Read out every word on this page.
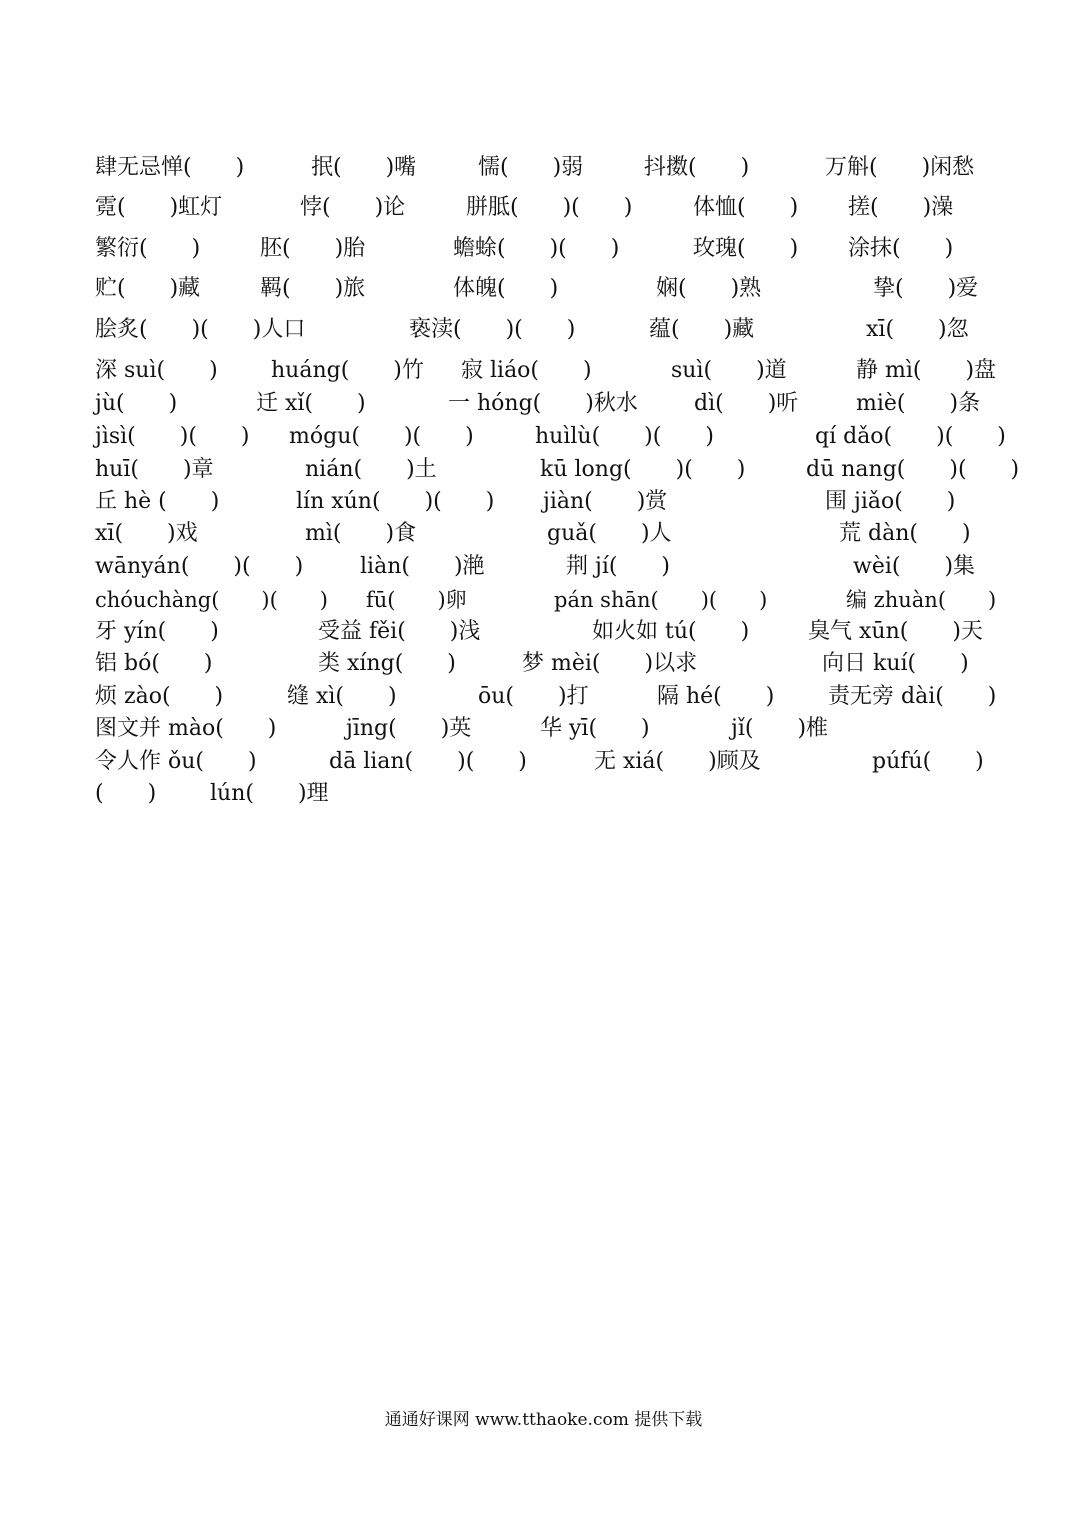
肆无忌惮(　　)	抿(　　)嘴	懦(　　)弱	抖擞(　　)	万斛(　　)闲愁
霓(　　)虹灯	悖(　　)论	胼胝(　　)(　　)	体恤(　　) 搓(　　)澡
繁衍(　　)	胚(　　)胎	蟾蜍(　　)(　　)	玫瑰(　　) 涂抹(　　)
贮(　　)藏	羁(　　)旅	体魄(　　)	娴(　　)熟	挚(　　)爱
脍炙(　　)(　　)人口	亵渎(　　)(　　)	蕴(　　)藏	xī(　　)忽
深 suì(　　) huáng(　　)竹 寂 liáo(　　)	suì(　　)道	静 mì(　　)盘
jù(　　)	迁 xǐ(　　)	一 hóng(　　)秋水	dì(　　)听	miè(　　)条
jìsì(　　)(　　) mógu(　　)(　　)	huìlù(　　)(　　)	qí dǎo(　　)(　　)
huī(　　)章	nián(　　)土	kū long(　　)(　　)	dū nang(　　)(　　)
丘 hè (　　)	lín xún(　　)(　　) jiàn(　　)赏	围 jiǎo(　　)
xī(　　)戏	mì(　　)食	guǎ(　　)人	荒 dàn(　　)
wānyán(　　)(　　)	liàn(　　)滟	荆 jí(　　)	wèi(　　)集
chóuchàng(　　)(　　) fū(　　)卵	pán shān(　　)(　　)	编 zhuàn(　　)
牙 yín(　　)	受益 fěi(　　)浅	如火如 tú(　　)	臭气 xūn(　　)天
铝 bó(　　)	类 xíng(　　)	梦 mèi(　　)以求	向日 kuí(　　)
烦 zào(　　)	缝 xì(　　)	ōu(　　)打	隔 hé(　　) 责无旁 dài(　　)
图文并 mào(　　)	jīng(　　)英	华 yī(　　)	jǐ(　　)椎
令人作 ǒu(　　)	dā lian(　　)(　　)	无 xiá(　　)顾及	púfú(　　)
(　　) lún(　　)理
通通好课网 www.tthaoke.com 提供下载
